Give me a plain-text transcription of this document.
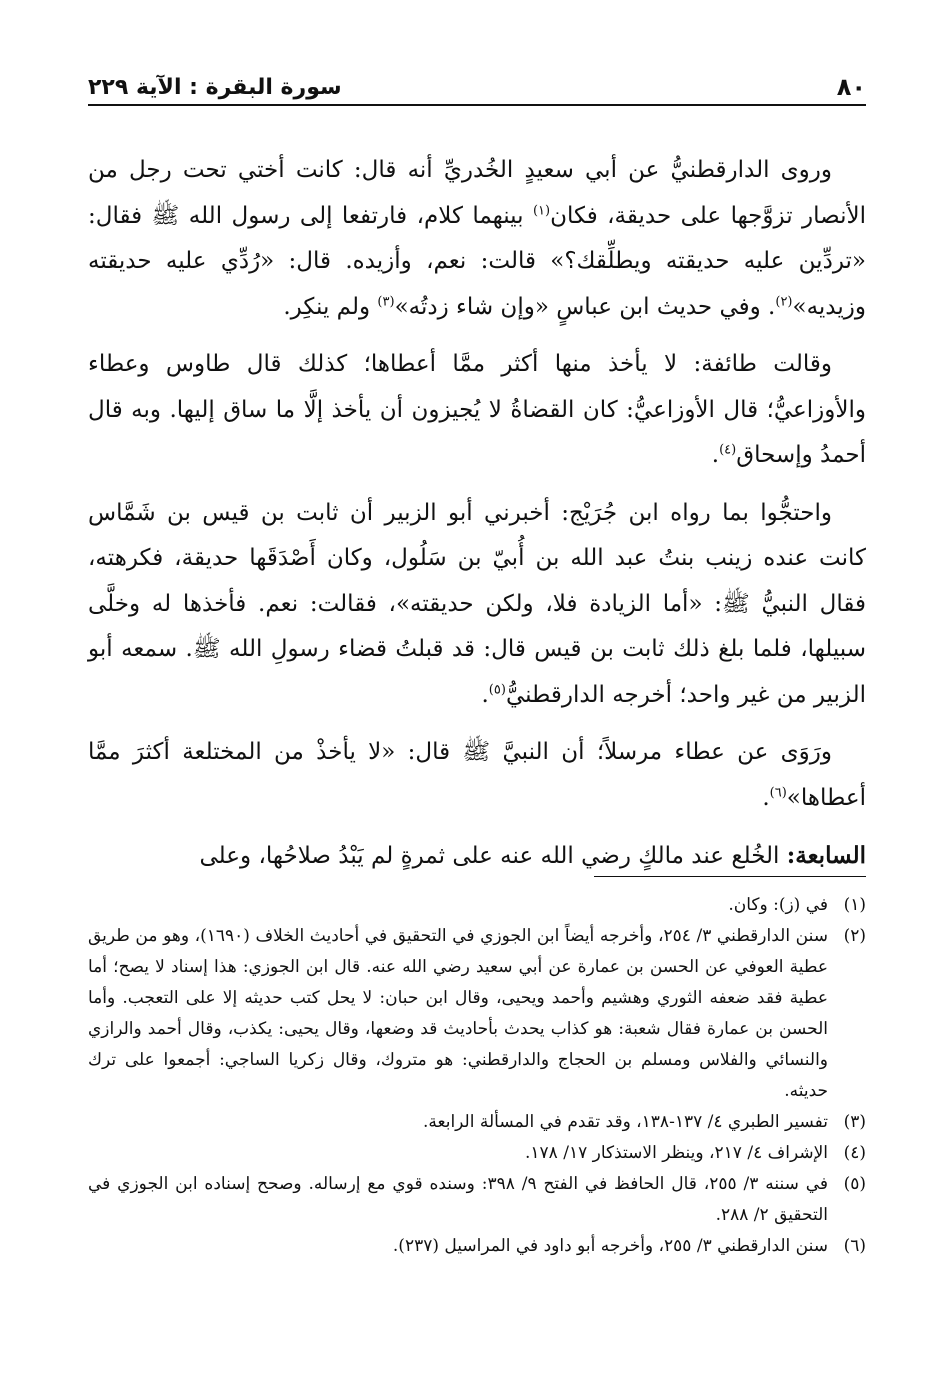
٨٠
سورة البقرة : الآية ٢٢٩

وروى الدارقطنيُّ عن أبي سعيدٍ الخُدريِّ أنه قال: كانت أختي تحت رجل من الأنصار تزوَّجها على حديقة، فكان$^{(١)}$ بينهما كلام، فارتفعا إلى رسول الله ﷺ فقال: «تردِّين عليه حديقته ويطلِّقك؟» قالت: نعم، وأزيده. قال: «رُدِّي عليه حديقته وزيديه»$^{(٢)}$. وفي حديث ابن عباسٍ «وإن شاء زدتُه»$^{(٣)}$ ولم ينكِر.

وقالت طائفة: لا يأخذ منها أكثر ممَّا أعطاها؛ كذلك قال طاوس وعطاء والأوزاعيُّ؛ قال الأوزاعيُّ: كان القضاةُ لا يُجيزون أن يأخذ إلَّا ما ساق إليها. وبه قال أحمدُ وإسحاق$^{(٤)}$.

واحتجُّوا بما رواه ابن جُرَيْج: أخبرني أبو الزبير أن ثابت بن قيس بن شَمَّاس كانت عنده زينب بنتُ عبد الله بن أُبيّ بن سَلُول، وكان أَصْدَقَها حديقة، فكرهته، فقال النبيُّ ﷺ: «أما الزيادة فلا، ولكن حديقته»، فقالت: نعم. فأخذها له وخلَّى سبيلها، فلما بلغ ذلك ثابت بن قيس قال: قد قبلتُ قضاء رسولِ الله ﷺ. سمعه أبو الزبير من غير واحد؛ أخرجه الدارقطنيُّ$^{(٥)}$.

ورَوَى عن عطاء مرسلاً؛ أن النبيَّ ﷺ قال: «لا يأخذْ من المختلعة أكثرَ ممَّا أعطاها»$^{(٦)}$.

السابعة: الخُلع عند مالكٍ رضي الله عنه على ثمرةٍ لم يَبْدُ صلاحُها، وعلى

(١)
في (ز): وكان.
(٢)
سنن الدارقطني ٣/ ٢٥٤، وأخرجه أيضاً ابن الجوزي في التحقيق في أحاديث الخلاف (١٦٩٠)، وهو من طريق عطية العوفي عن الحسن بن عمارة عن أبي سعيد رضي الله عنه. قال ابن الجوزي: هذا إسناد لا يصح؛ أما عطية فقد ضعفه الثوري وهشيم وأحمد ويحيى، وقال ابن حبان: لا يحل كتب حديثه إلا على التعجب. وأما الحسن بن عمارة فقال شعبة: هو كذاب يحدث بأحاديث قد وضعها، وقال يحيى: يكذب، وقال أحمد والرازي والنسائي والفلاس ومسلم بن الحجاج والدارقطني: هو متروك، وقال زكريا الساجي: أجمعوا على ترك حديثه.
(٣)
تفسير الطبري ٤/ ١٣٧-١٣٨، وقد تقدم في المسألة الرابعة.
(٤)
الإشراف ٤/ ٢١٧، وينظر الاستذكار ١٧/ ١٧٨.
(٥)
في سننه ٣/ ٢٥٥، قال الحافظ في الفتح ٩/ ٣٩٨: وسنده قوي مع إرساله. وصحح إسناده ابن الجوزي في التحقيق ٢/ ٢٨٨.
(٦)
سنن الدارقطني ٣/ ٢٥٥، وأخرجه أبو داود في المراسيل (٢٣٧).
